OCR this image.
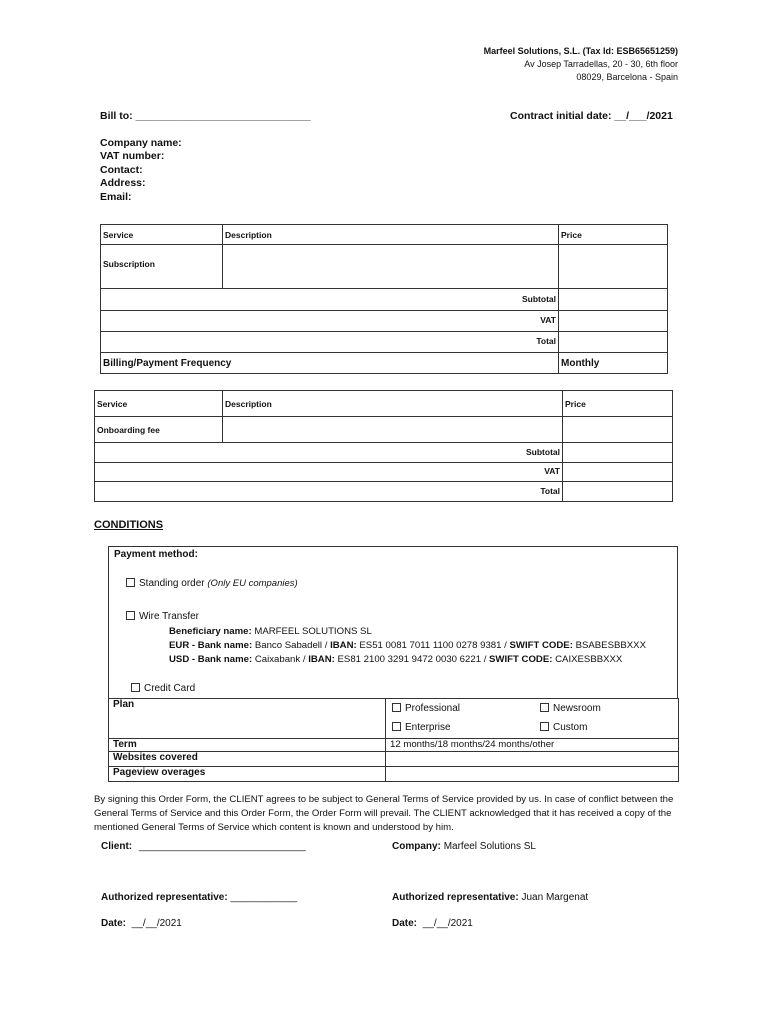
Marfeel Solutions, S.L. (Tax Id: ESB65651259)
Av Josep Tarradellas, 20 - 30, 6th floor
08029, Barcelona - Spain
Bill to: ______________________________	Contract initial date: __/___/2021
Company name:
VAT number:
Contact:
Address:
Email:
Service	Description	Price
Subscription		
Subtotal		
VAT		
Total		
Billing/Payment Frequency		Monthly
Service	Description	Price
Onboarding fee		
Subtotal		
VAT		
Total		
CONDITIONS
Payment method:
Standing order (Only EU companies)
Wire Transfer
Beneficiary name: MARFEEL SOLUTIONS SL
EUR - Bank name: Banco Sabadell / IBAN: ES51 0081 7011 1100 0278 9381 / SWIFT CODE: BSABESBBXXX
USD - Bank name: Caixabank / IBAN: ES81 2100 3291 9472 0030 6221 / SWIFT CODE: CAIXESBBXXX
Credit Card
Plan	Professional Newsroom
Enterprise Custom

Term	12 months/18 months/24 months/other
Websites covered	
Pageview overages	
By signing this Order Form, the CLIENT agrees to be subject to General Terms of Service provided by us. In case of conflict between the General Terms of Service and this Order Form, the Order Form will prevail. The CLIENT acknowledged that it has received a copy of the mentioned General Terms of Service which content is known and understood by him.
Client: ______________________________	Company: Marfeel Solutions SL
Authorized representative: ____________	Authorized representative: Juan Margenat
Date: __/__/2021	Date: __/__/2021
